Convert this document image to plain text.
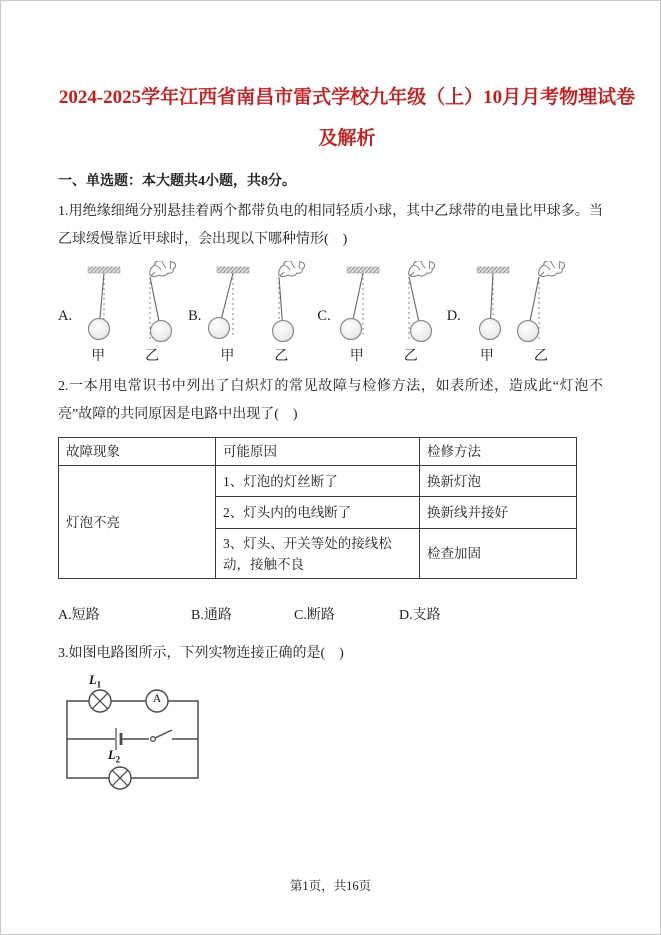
2024-2025学年江西省南昌市雷式学校九年级（上）10月月考物理试卷及解析
一、单选题：本大题共4小题，共8分。
1.用绝缘细绳分别悬挂着两个都带负电的相同轻质小球，其中乙球带的电量比甲球多。当乙球缓慢靠近甲球时，会出现以下哪种情形(　)
A.
甲	乙
B.
甲	乙
C.
甲	乙
D.
甲	乙
2.一本用电常识书中列出了白炽灯的常见故障与检修方法，如表所述，造成此“灯泡不亮”故障的共同原因是电路中出现了(　)
故障现象	可能原因	检修方法
灯泡不亮	1、灯泡的灯丝断了	换新灯泡
	2、灯头内的电线断了	换新线并接好
	3、灯头、开关等处的接线松动，接触不良	检查加固
A.短路	B.通路	C.断路	D.支路
3.如图电路图所示，下列实物连接正确的是(　)
$L_1$
A
$L_2$
第1页，共16页
